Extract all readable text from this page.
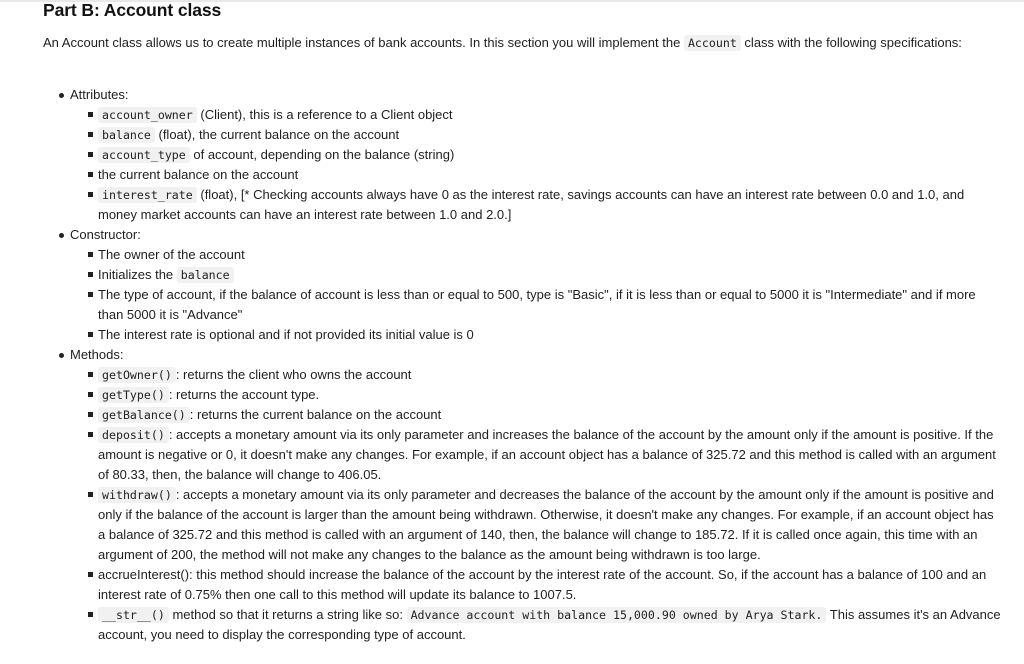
Part B: Account class

An Account class allows us to create multiple instances of bank accounts. In this section you will implement the Account class with the following specifications:

Attributes:
account_owner (Client), this is a reference to a Client object
balance (float), the current balance on the account
account_type of account, depending on the balance (string)
the current balance on the account
interest_rate (float), [* Checking accounts always have 0 as the interest rate, savings accounts can have an interest rate between 0.0 and 1.0, and money market accounts can have an interest rate between 1.0 and 2.0.]
Constructor:
The owner of the account
Initializes the balance
The type of account, if the balance of account is less than or equal to 500, type is "Basic", if it is less than or equal to 5000 it is "Intermediate" and if more than 5000 it is "Advance"
The interest rate is optional and if not provided its initial value is 0
Methods:
getOwner() : returns the client who owns the account
getType() : returns the account type.
getBalance() : returns the current balance on the account
deposit() : accepts a monetary amount via its only parameter and increases the balance of the account by the amount only if the amount is positive. If the amount is negative or 0, it doesn't make any changes. For example, if an account object has a balance of 325.72 and this method is called with an argument of 80.33, then, the balance will change to 406.05.
withdraw() : accepts a monetary amount via its only parameter and decreases the balance of the account by the amount only if the amount is positive and only if the balance of the account is larger than the amount being withdrawn. Otherwise, it doesn't make any changes. For example, if an account object has a balance of 325.72 and this method is called with an argument of 140, then, the balance will change to 185.72. If it is called once again, this time with an argument of 200, the method will not make any changes to the balance as the amount being withdrawn is too large.
accrueInterest(): this method should increase the balance of the account by the interest rate of the account. So, if the account has a balance of 100 and an interest rate of 0.75% then one call to this method will update its balance to 1007.5.
__str__() method so that it returns a string like so: Advance account with balance 15,000.90 owned by Arya Stark. This assumes it's an Advance account, you need to display the corresponding type of account.
